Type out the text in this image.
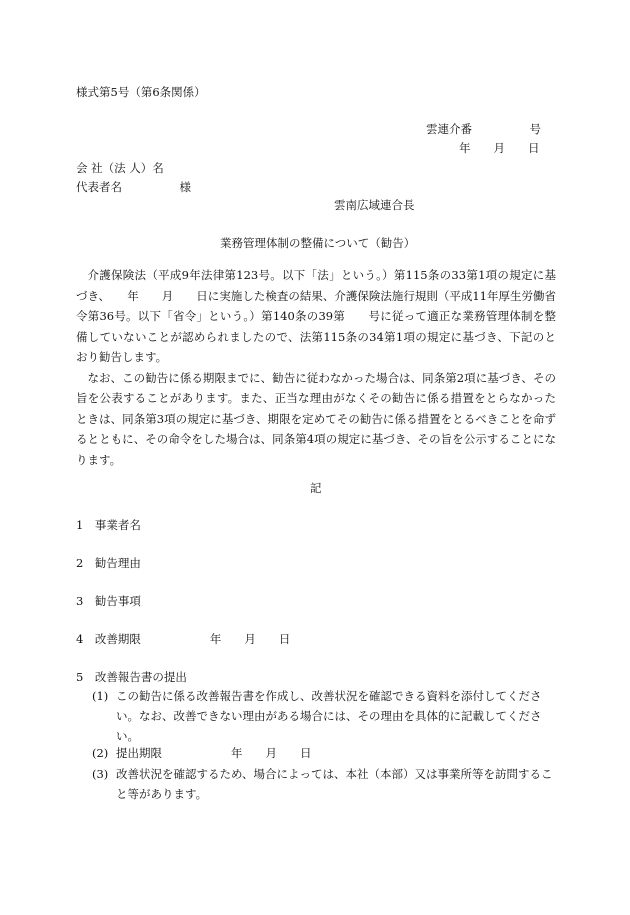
様式第5号（第6条関係）
雲連介番　　　　　号
年　　月　　日
会 社（法 人）名
代表者名　　　　　様
雲南広域連合長
業務管理体制の整備について（勧告）

介護保険法（平成9年法律第123号。以下「法」という。）第115条の33第1項の規定に基づき、　　年　　月　　日に実施した検査の結果、介護保険法施行規則（平成11年厚生労働省令第36号。以下「省令」という。）第140条の39第　　号に従って適正な業務管理体制を整備していないことが認められましたので、法第115条の34第1項の規定に基づき、下記のとおり勧告します。

なお、この勧告に係る期限までに、勧告に従わなかった場合は、同条第2項に基づき、その旨を公表することがあります。また、正当な理由がなくその勧告に係る措置をとらなかったときは、同条第3項の規定に基づき、期限を定めてその勧告に係る措置をとるべきことを命ずるとともに、その命令をした場合は、同条第4項の規定に基づき、その旨を公示することになります。

記
1　事業者名
2　勧告理由
3　勧告事項
4　改善期限　　　　　　年　　月　　日
5　改善報告書の提出
(1) この勧告に係る改善報告書を作成し、改善状況を確認できる資料を添付してください。なお、改善できない理由がある場合には、その理由を具体的に記載してください。
(2) 提出期限　　　　　　年　　月　　日
(3) 改善状況を確認するため、場合によっては、本社（本部）又は事業所等を訪問すること等があります。
